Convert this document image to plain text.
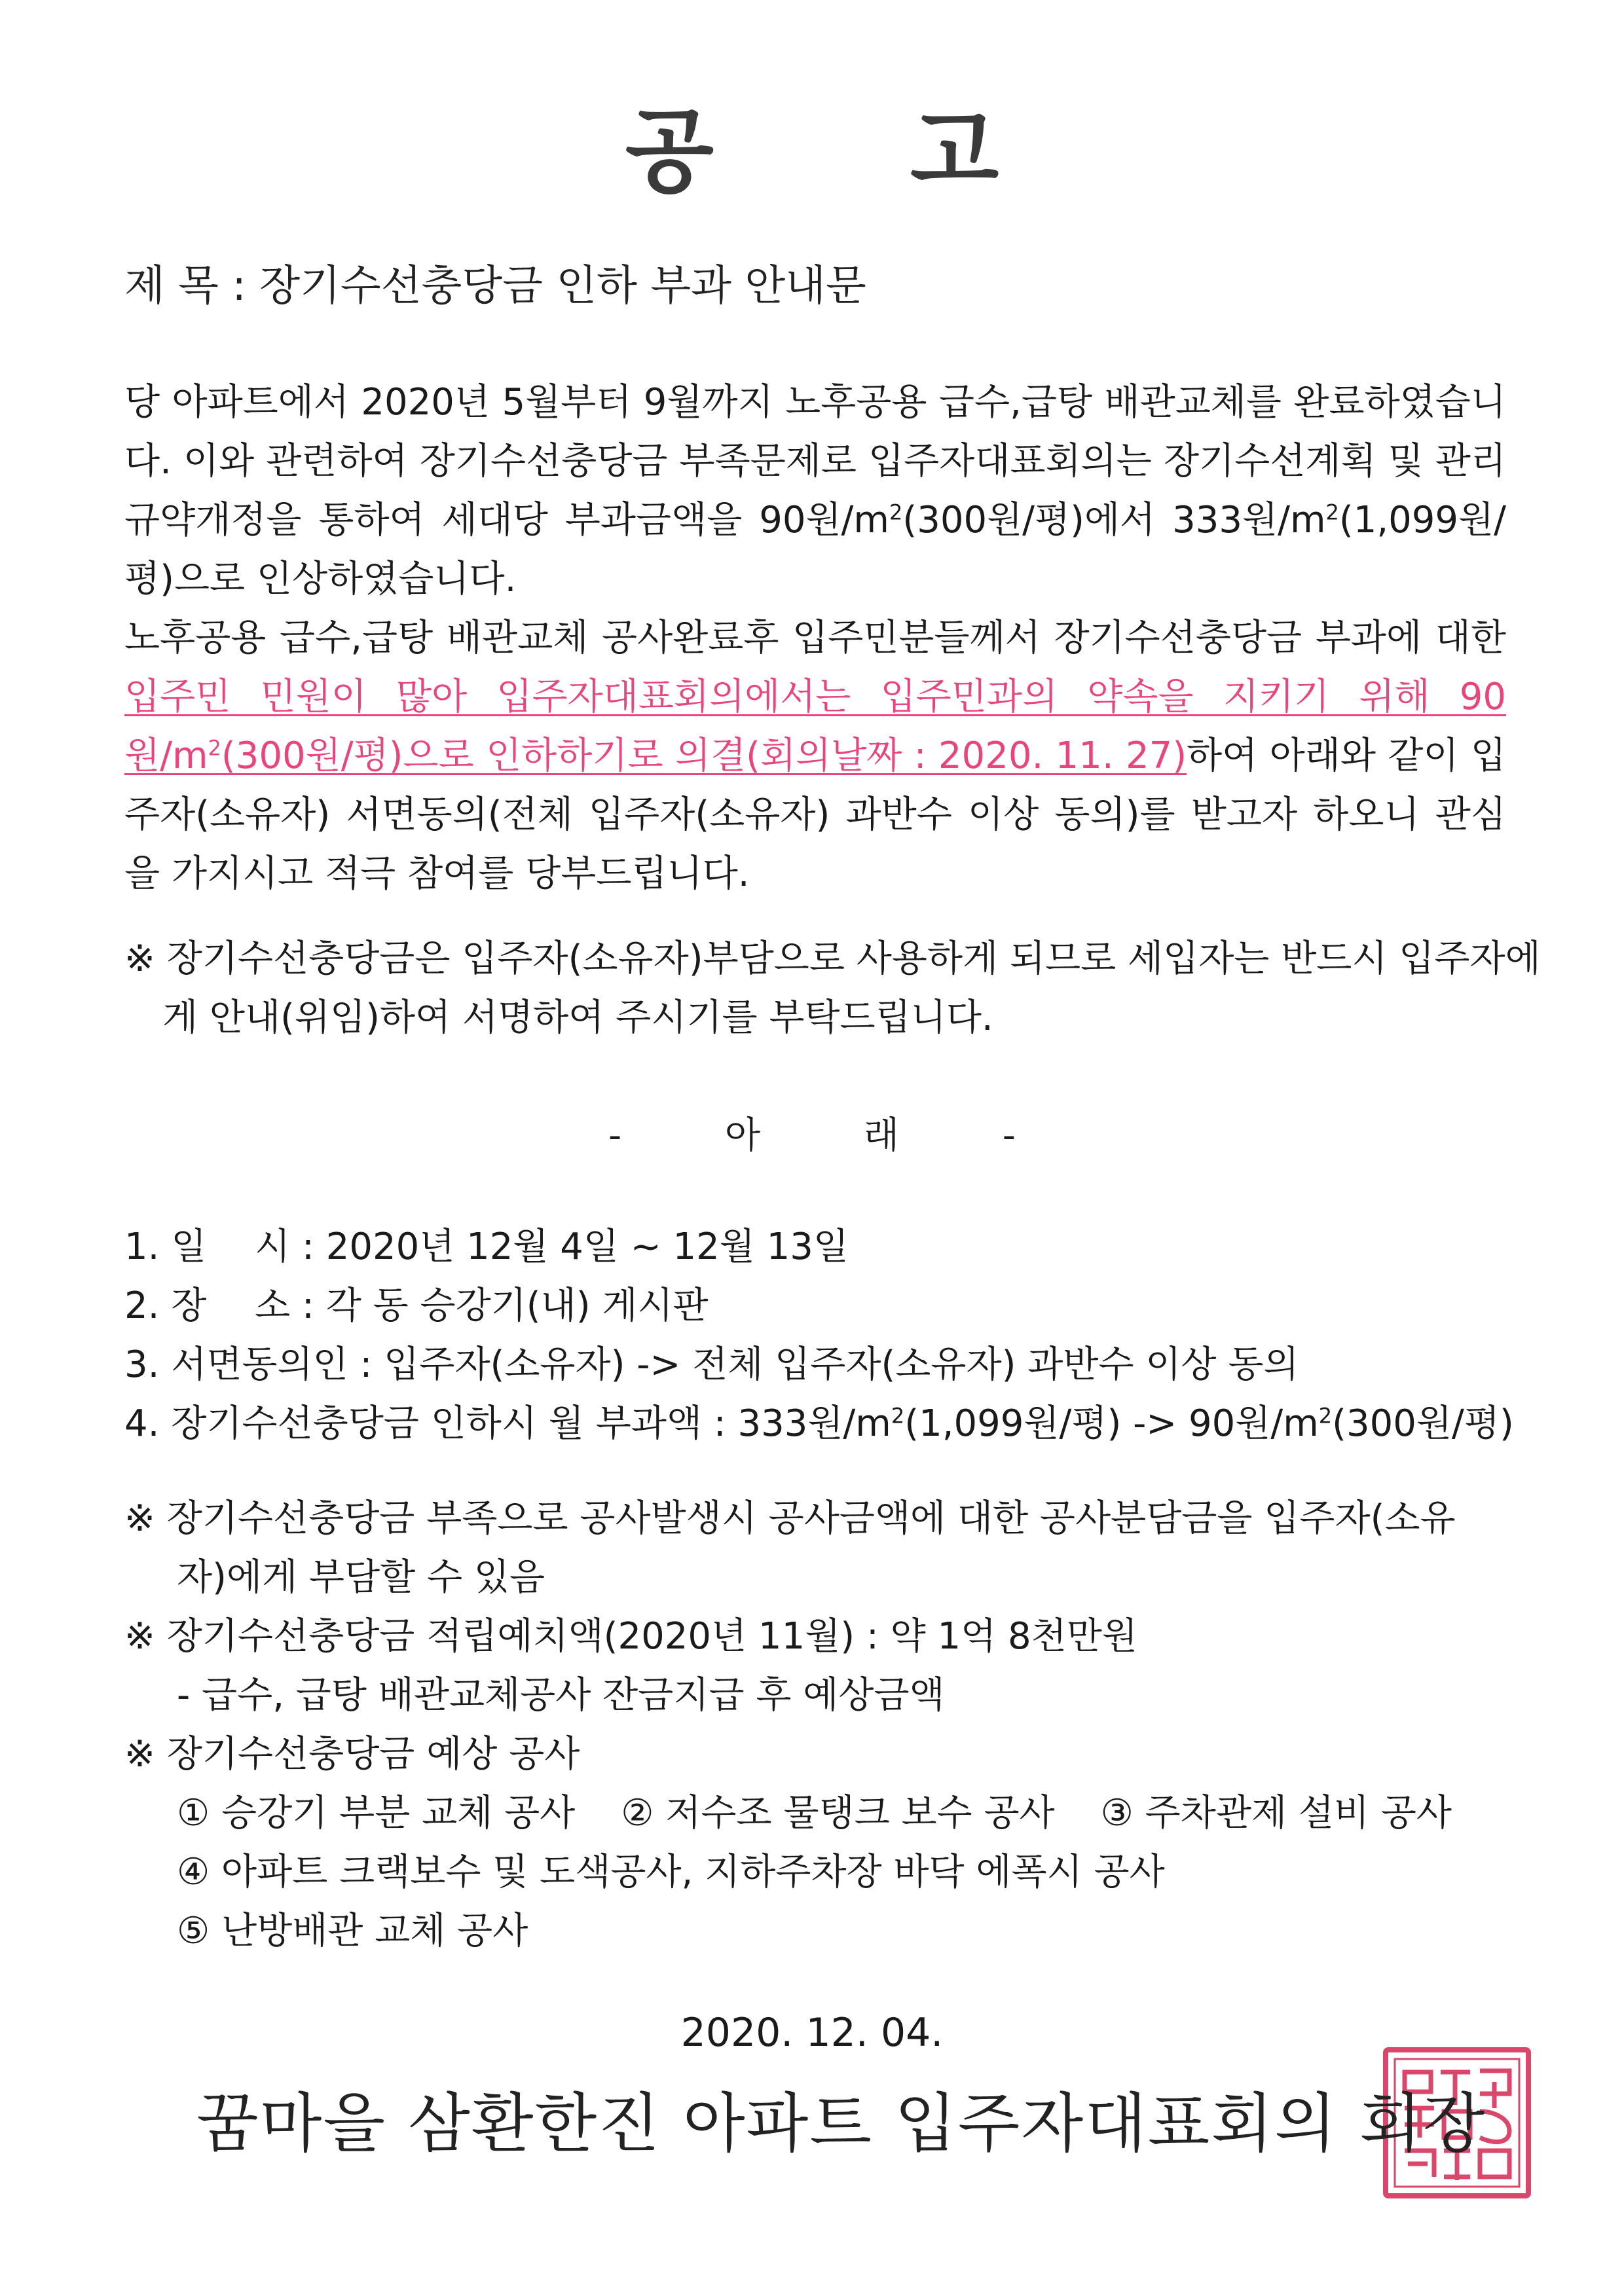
공 고
제 목 : 장기수선충당금 인하 부과 안내문
당 아파트에서 2020년 5월부터 9월까지 노후공용 급수,급탕 배관교체를 완료하였습니다. 이와 관련하여 장기수선충당금 부족문제로 입주자대표회의는 장기수선계획 및 관리규약개정을 통하여 세대당 부과금액을 90원$/m^2(300$원/평)에서 333원$/m^2(1,099$원/평)으로 인상하였습니다.
노후공용 급수,급탕 배관교체 공사완료후 입주민분들께서 장기수선충당금 부과에 대한 입주민 민원이 많아 입주자대표회의에서는 입주민과의 약속을 지키기 위해 90원$/m^2(300$원/평)으로 인하하기로 의결(회의날짜 : 2020. 11. 27)하여 아래와 같이 입주자(소유자) 서면동의(전체 입주자(소유자) 과반수 이상 동의)를 받고자 하오니 관심을 가지시고 적극 참여를 당부드립니다.
※ 장기수선충당금은 입주자(소유자)부담으로 사용하게 되므로 세입자는 반드시 입주자에게 안내(위임)하여 서명하여 주시기를 부탁드립니다.
- 아 래 -
1. 일　 시 : 2020년 12월 4일 ~ 12월 13일
2. 장　 소 : 각 동 승강기(내) 게시판
3. 서면동의인 : 입주자(소유자) -> 전체 입주자(소유자) 과반수 이상 동의
4. 장기수선충당금 인하시 월 부과액 : 333원$/m^2(1,099$원/평) -> 90원$/m^2(300$원/평)
※ 장기수선충당금 부족으로 공사발생시 공사금액에 대한 공사분담금을 입주자(소유
자)에게 부담할 수 있음
※ 장기수선충당금 적립예치액(2020년 11월) : 약 1억 8천만원
- 급수, 급탕 배관교체공사 잔금지급 후 예상금액
※ 장기수선충당금 예상 공사
① 승강기 부분 교체 공사 ② 저수조 물탱크 보수 공사 ③ 주차관제 설비 공사
④ 아파트 크랙보수 및 도색공사, 지하주차장 바닥 에폭시 공사
⑤ 난방배관 교체 공사
2020. 12. 04.
꿈마을 삼환한진 아파트 입주자대표회의 회장
